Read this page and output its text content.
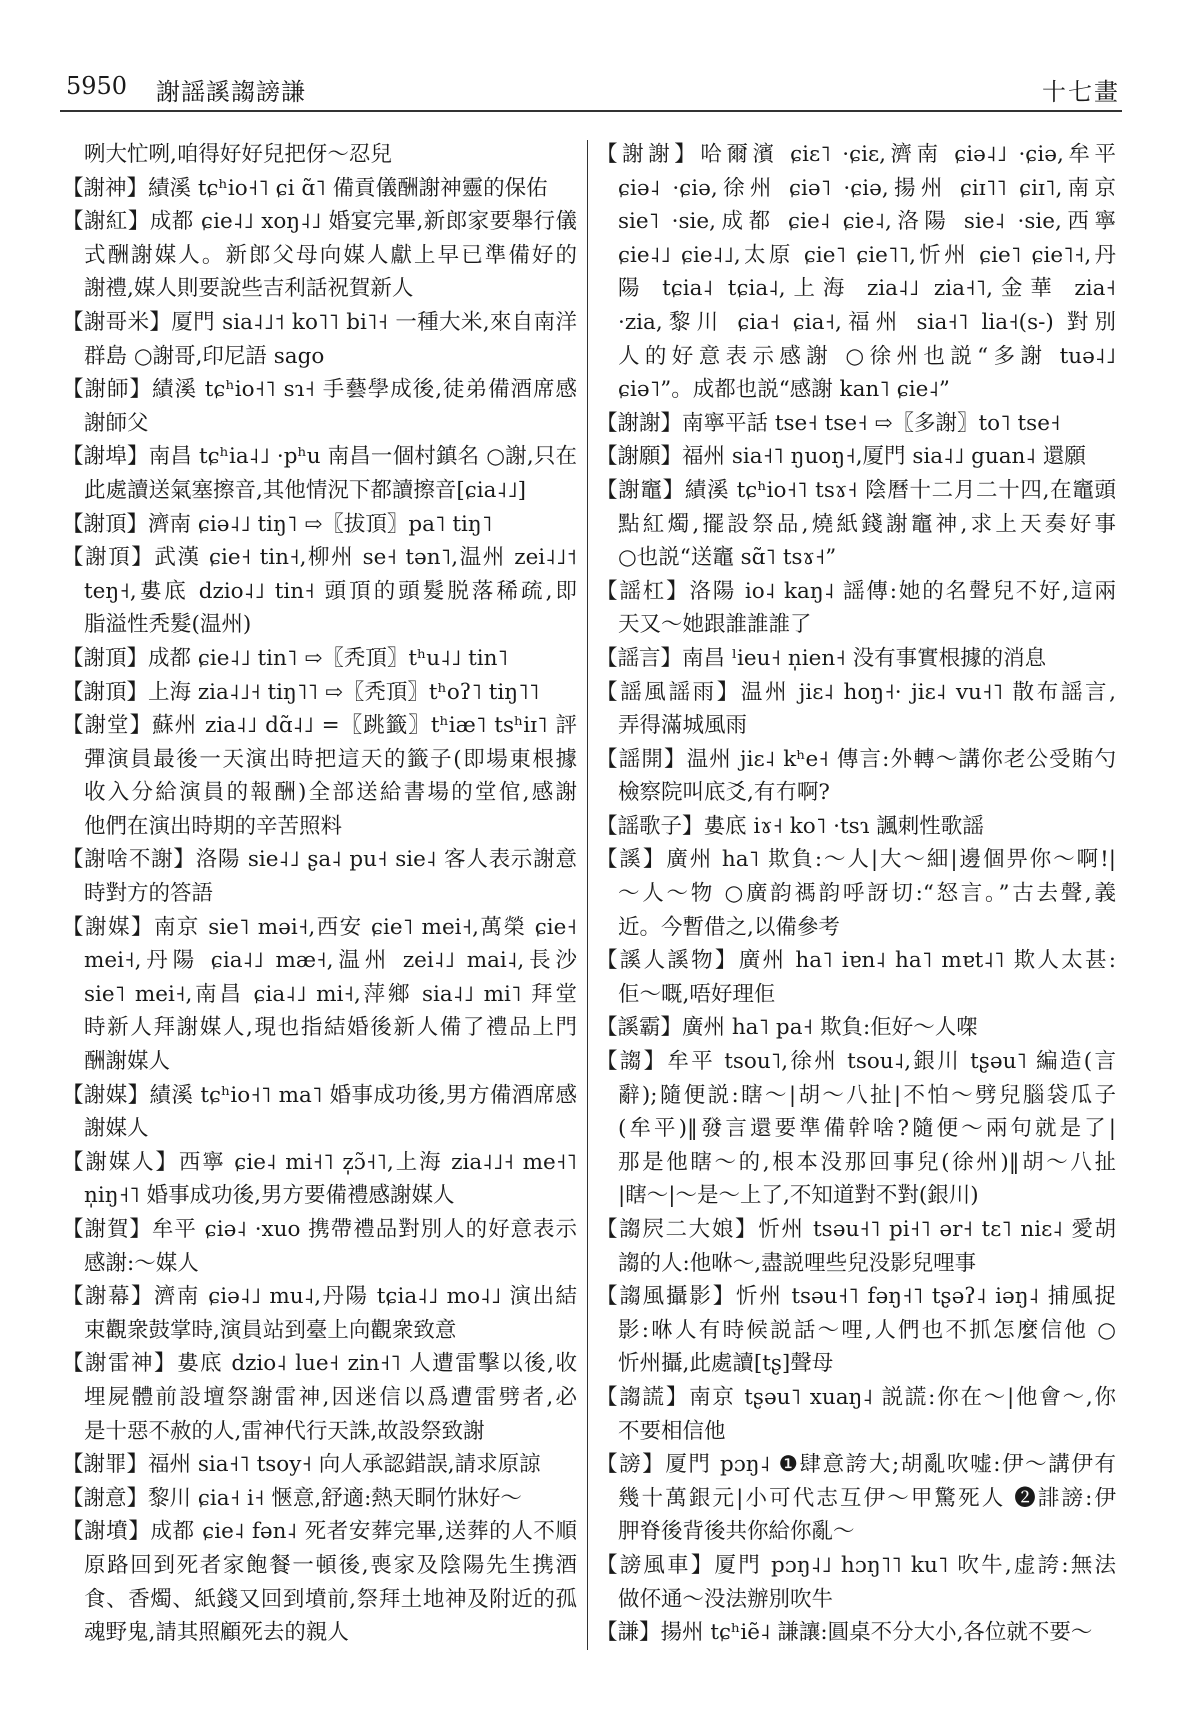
5950 謝謡謑謅謗謙	十七畫
咧大忙咧,咱得好好兒把伢～忍兒
【謝神】績溪 tɕʰio˧˥ ɕi ɑ̃˥ 備貢儀酬謝神靈的保佑
【謝紅】成都 ɕie˨˩ xoŋ˨˩ 婚宴完畢,新郎家要舉行儀
式酬謝媒人。新郎父母向媒人獻上早已準備好的
謝禮,媒人則要說些吉利話祝賀新人
【謝哥米】厦門 sia˨˩˦ ko˥˥ bi˥˧ 一種大米,來自南洋
群島 ○謝哥,印尼語 sago
【謝師】績溪 tɕʰio˧˥ sɿ˧ 手藝學成後,徒弟備酒席感
謝師父
【謝埠】南昌 tɕʰia˨˩ ·pʰu 南昌一個村鎮名 ○謝,只在
此處讀送氣塞擦音,其他情況下都讀擦音[ɕia˨˩]
【謝頂】濟南 ɕiə˨˩ tiŋ˥ ⇨〖拔頂〗pa˥ tiŋ˥
【謝頂】武漢 ɕie˧ tin˧,柳州 se˧ tən˥,温州 zei˨˩˦
teŋ˧,婁底 dzio˨˩ tin˧ 頭頂的頭髮脱落稀疏,即
脂溢性秃髮(温州)
【謝頂】成都 ɕie˨˩ tin˥ ⇨〖秃頂〗tʰu˨˩ tin˥
【謝頂】上海 zia˨˩˧ tiŋ˥˥ ⇨〖秃頂〗tʰoʔ˥ tiŋ˥˥
【謝堂】蘇州 zia˨˩ dɑ̃˨˩ =〖跳籤〗tʰiæ˥ tsʰiɪ˥ 評
彈演員最後一天演出時把這天的籤子(即場東根據
收入分給演員的報酬)全部送給書場的堂倌,感謝
他們在演出時期的辛苦照料
【謝啥不謝】洛陽 sie˨˩ ʂa˨ pu˧ sie˨ 客人表示謝意
時對方的答語
【謝媒】南京 sie˥ məi˧,西安 ɕie˥ mei˧,萬榮 ɕie˧
mei˧,丹陽 ɕia˨˩ mæ˧,温州 zei˨˩ mai˨,長沙
sie˥ mei˧,南昌 ɕia˨˩ mi˧,萍鄉 sia˨˩ mi˥ 拜堂
時新人拜謝媒人,現也指結婚後新人備了禮品上門
酬謝媒人
【謝媒】績溪 tɕʰio˧˥ ma˥ 婚事成功後,男方備酒席感
謝媒人
【謝媒人】西寧 ɕie˨ mi˧˥ z̩ɔ̃˧˥,上海 zia˨˩˧ me˧˥
n̩iŋ˧˥ 婚事成功後,男方要備禮感謝媒人
【謝賀】牟平 ɕiə˨ ·xuo 携帶禮品對別人的好意表示
感謝:～媒人
【謝幕】濟南 ɕiə˨˩ mu˨,丹陽 tɕia˨˩ mo˨˩ 演出結
束觀衆鼓掌時,演員站到臺上向觀衆致意
【謝雷神】婁底 dzio˨ lue˧ zin˧˥ 人遭雷擊以後,收
埋屍體前設壇祭謝雷神,因迷信以爲遭雷劈者,必
是十惡不赦的人,雷神代行天誅,故設祭致謝
【謝罪】福州 sia˧˥ tsoy˧ 向人承認錯誤,請求原諒
【謝意】黎川 ɕia˧ i˧ 愜意,舒適:熱天眮竹牀好～
【謝墳】成都 ɕie˨ fən˨ 死者安葬完畢,送葬的人不順
原路回到死者家飽餐一頓後,喪家及陰陽先生携酒
食、香燭、紙錢又回到墳前,祭拜土地神及附近的孤
魂野鬼,請其照顧死去的親人
【謝謝】哈爾濱 ɕiɛ˥ ·ɕiɛ,濟南 ɕiə˨˩ ·ɕiə,牟平
ɕiə˨ ·ɕiə,徐州 ɕiə˥ ·ɕiə,揚州 ɕiɪ˥˥ ɕiɪ˥,南京
sie˥ ·sie,成都 ɕie˨ ɕie˨,洛陽 sie˨ ·sie,西寧
ɕie˨˩ ɕie˨˩,太原 ɕie˥ ɕie˥˥,忻州 ɕie˥ ɕie˥˧,丹
陽 tɕia˨ tɕia˨,上海 zia˨˩ zia˧˥,金華 zia˧
·zia,黎川 ɕia˧ ɕia˧,福州 sia˧˥ lia˧(s-) 對別
人的好意表示感謝 ○徐州也説“多謝 tuə˨˩
ɕiə˥”。成都也説“感謝 kan˥ ɕie˨”
【謝謝】南寧平話 tse˧ tse˧ ⇨〖多謝〗to˥ tse˧
【謝願】福州 sia˧˥ ŋuoŋ˧,厦門 sia˨˩ guan˨ 還願
【謝竈】績溪 tɕʰio˧˥ tsɤ˧ 陰曆十二月二十四,在竈頭
點紅燭,擺設祭品,燒紙錢謝竈神,求上天奏好事
○也説“送竈 sɑ̃˥ tsɤ˧”
【謡杠】洛陽 io˨ kaŋ˨ 謡傳:她的名聲兒不好,這兩
天又～她跟誰誰誰了
【謡言】南昌 ˡieu˧ n̩ien˧ 没有事實根據的消息
【謡風謡雨】温州 jiɛ˨ hoŋ˧· jiɛ˨ vu˧˥ 散布謡言,
弄得滿城風雨
【謡開】温州 jiɛ˨ kʰe˧ 傳言:外轉～講你老公受賄勺
檢察院叫底爻,有冇啊?
【謡歌子】婁底 iɤ˧ ko˥ ·tsɿ 諷刺性歌謡
【謑】廣州 ha˥ 欺負:～人|大～細|邊個畀你～啊!|
～人～物 ○廣韵禡韵呼訝切:“怒言。”古去聲,義
近。今暫借之,以備參考
【謑人謑物】廣州 ha˥ iɐn˨ ha˥ mɐt˨˥ 欺人太甚:
佢～嘅,唔好理佢
【謑霸】廣州 ha˥ pa˧ 欺負:佢好～人㗎
【謅】牟平 tsou˥,徐州 tsou˨,銀川 tʂəu˥ 編造(言
辭);隨便説:瞎～|胡～八扯|不怕～劈兒腦袋瓜子
(牟平)‖發言還要準備幹啥?隨便～兩句就是了|
那是他瞎～的,根本没那回事兒(徐州)‖胡～八扯
|瞎～|～是～上了,不知道對不對(銀川)
【謅屄二大娘】忻州 tsəu˧˥ pi˧˥ ər˧ tɛ˥ niɛ˨ 愛胡
謅的人:他咻～,盡説哩些兒没影兒哩事
【謅風攝影】忻州 tsəu˧˥ fəŋ˧˥ tʂəʔ˨ iəŋ˨ 捕風捉
影:咻人有時候説話～哩,人們也不抓怎麼信他 ○
忻州攝,此處讀[tʂ]聲母
【謅謊】南京 tʂəu˥ xuaŋ˨ 説謊:你在～|他會～,你
不要相信他
【謗】厦門 pɔŋ˨ ❶肆意誇大;胡亂吹嘘:伊～講伊有
幾十萬銀元|小可代志互伊～甲驚死人 ❷誹謗:伊
胛脊後背後共你給你亂～
【謗風車】厦門 pɔŋ˨˩ hɔŋ˥˥ ku˥ 吹牛,虚誇:無法
做伓通～没法辦別吹牛
【謙】揚州 tɕʰiẽ˨ 謙讓:圓桌不分大小,各位就不要～
